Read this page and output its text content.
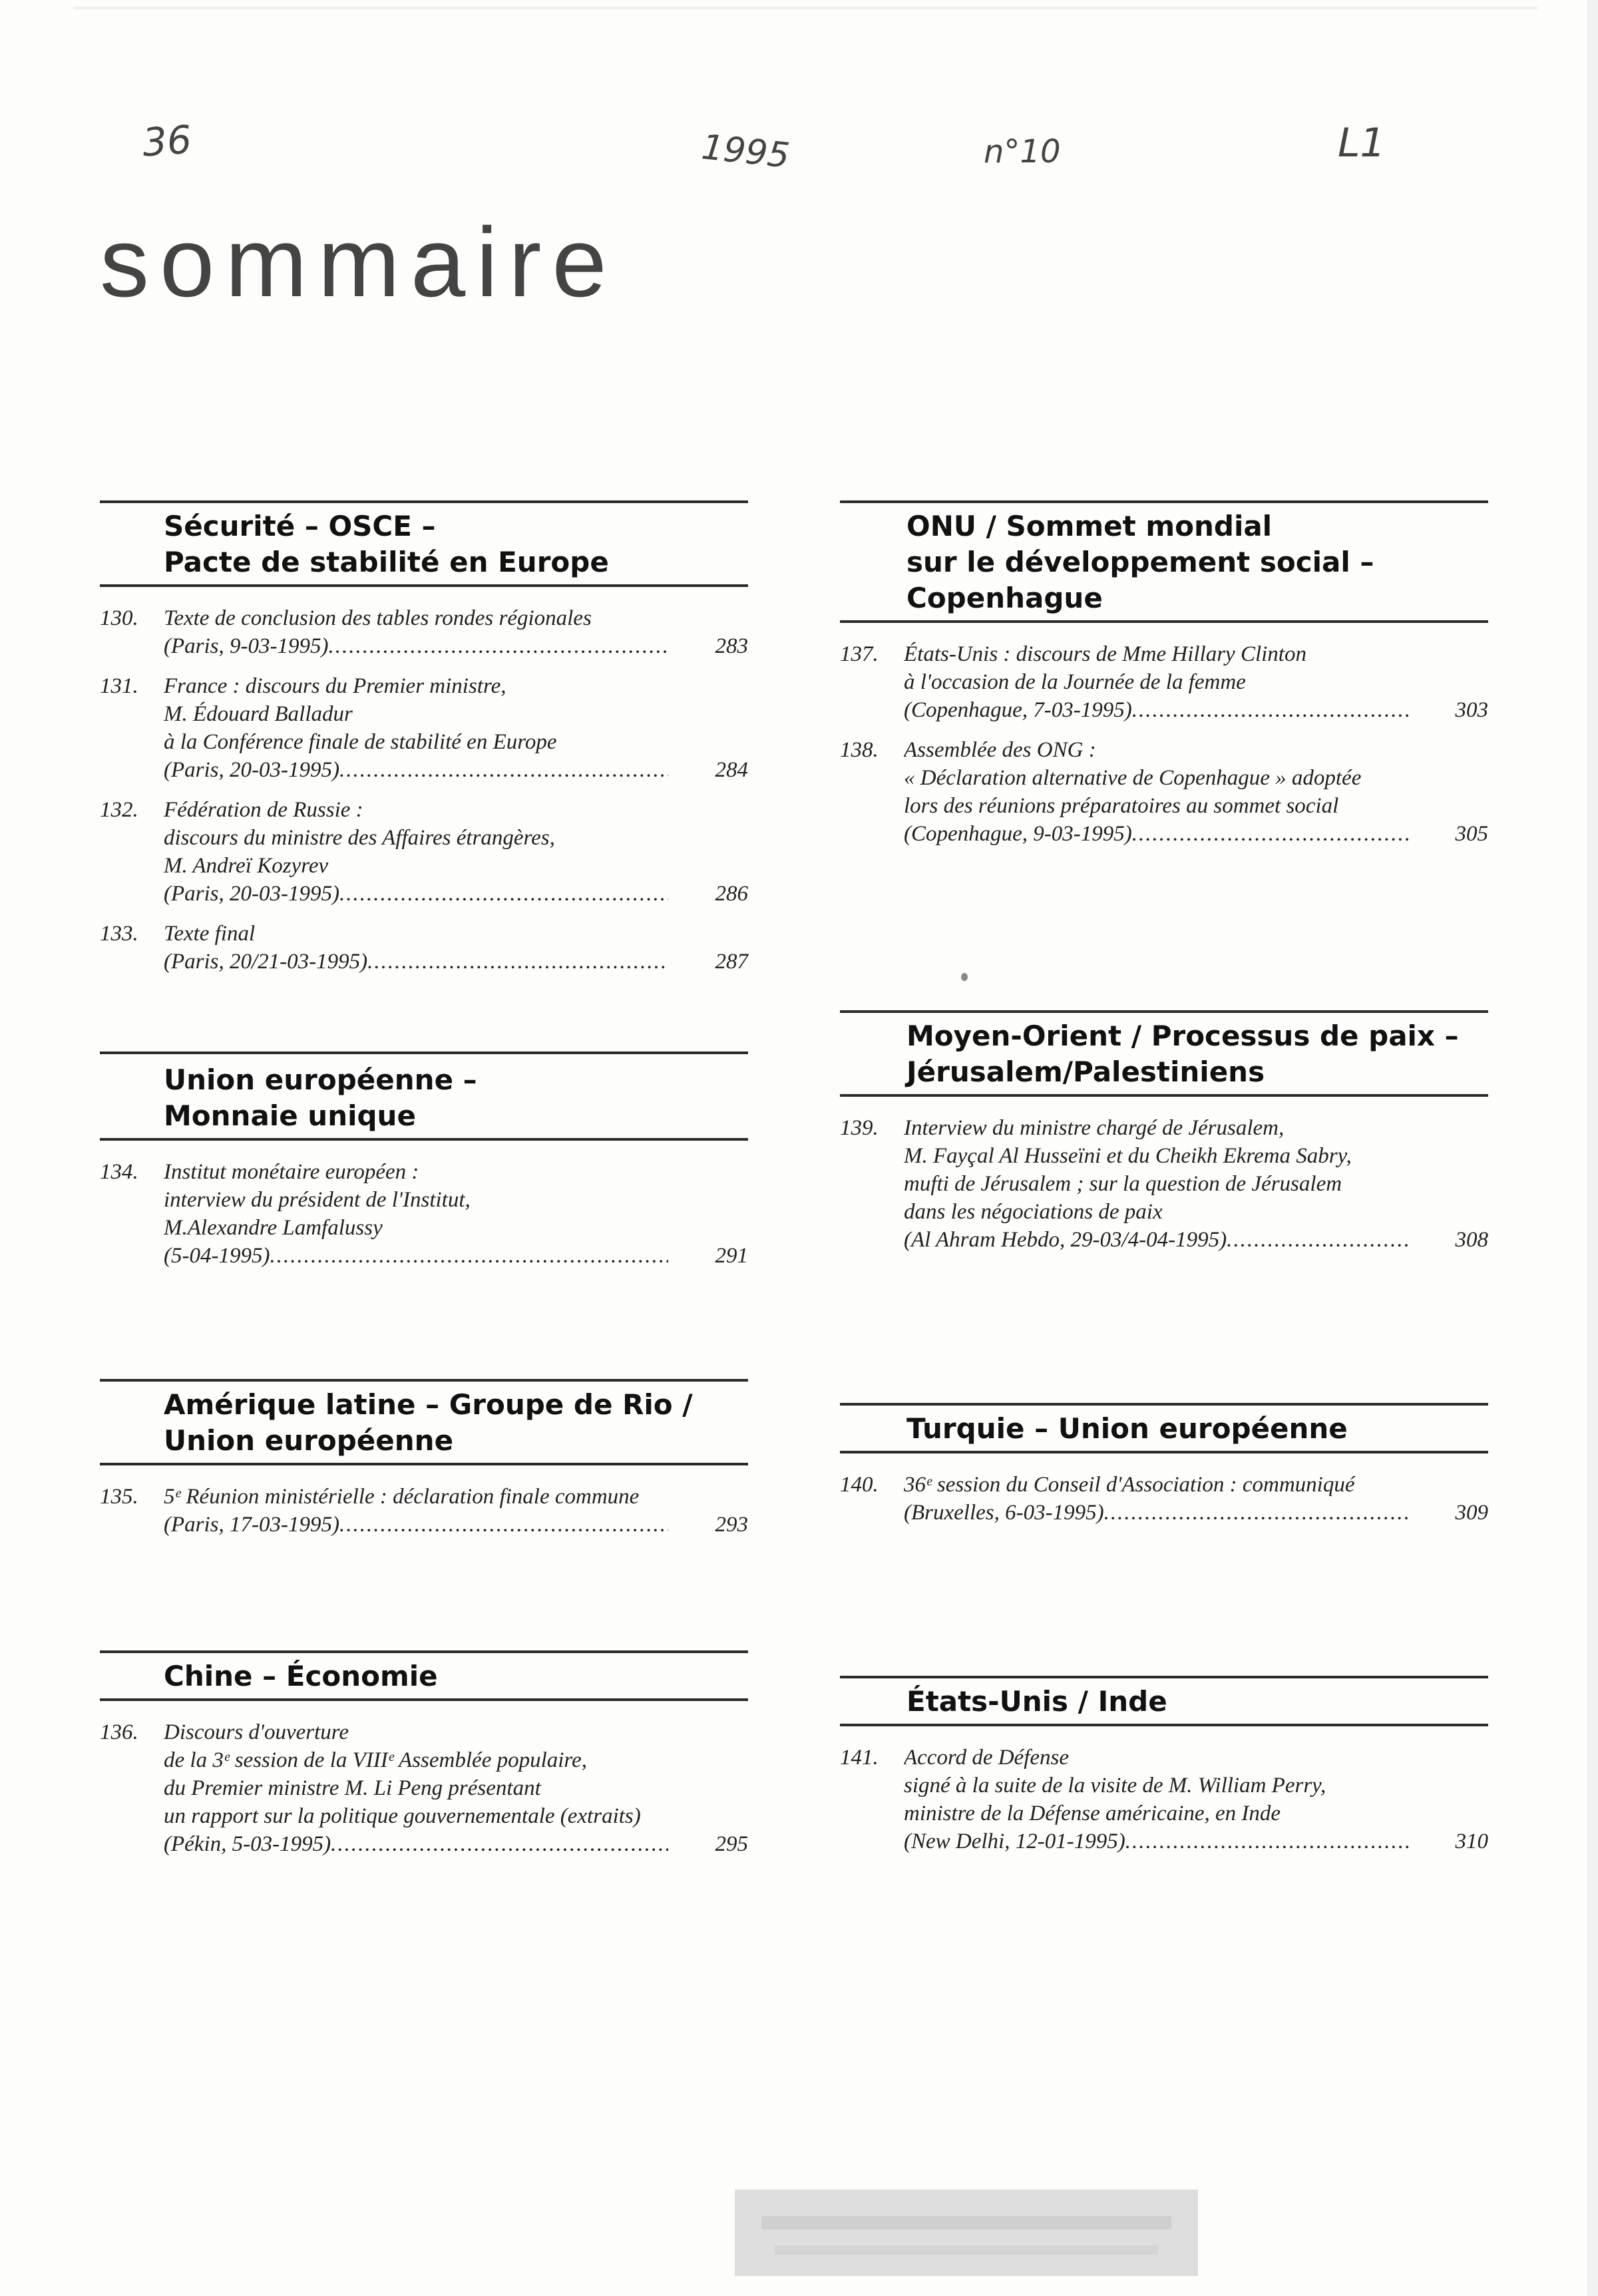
36	1995	n°10	L1
sommaire
Sécurité – OSCE –
Pacte de stabilité en Europe
130. Texte de conclusion des tables rondes régionales
(Paris, 9-03-1995) .....	283
131. France : discours du Premier ministre,
M. Édouard Balladur
à la Conférence finale de stabilité en Europe
(Paris, 20-03-1995) .....	284
132. Fédération de Russie :
discours du ministre des Affaires étrangères,
M. Andreï Kozyrev
(Paris, 20-03-1995) .....	286
133. Texte final
(Paris, 20/21-03-1995) .....	287
Union européenne –
Monnaie unique
134. Institut monétaire européen :
interview du président de l'Institut,
M.Alexandre Lamfalussy
(5-04-1995) .....	291
Amérique latine – Groupe de Rio /
Union européenne
135. 5ᵉ Réunion ministérielle : déclaration finale commune
(Paris, 17-03-1995) .....	293
Chine – Économie
136. Discours d'ouverture
de la 3ᵉ session de la VIIIᵉ Assemblée populaire,
du Premier ministre M. Li Peng présentant
un rapport sur la politique gouvernementale (extraits)
(Pékin, 5-03-1995) .....	295
ONU / Sommet mondial
sur le développement social –
Copenhague
137. États-Unis : discours de Mme Hillary Clinton
à l'occasion de la Journée de la femme
(Copenhague, 7-03-1995) .....	303
138. Assemblée des ONG :
« Déclaration alternative de Copenhague » adoptée
lors des réunions préparatoires au sommet social
(Copenhague, 9-03-1995) .....	305
Moyen-Orient / Processus de paix –
Jérusalem/Palestiniens
139. Interview du ministre chargé de Jérusalem,
M. Fayçal Al Husseïni et du Cheikh Ekrema Sabry,
mufti de Jérusalem ; sur la question de Jérusalem
dans les négociations de paix
(Al Ahram Hebdo, 29-03/4-04-1995) .....	308
Turquie – Union européenne
140. 36ᵉ session du Conseil d'Association : communiqué
(Bruxelles, 6-03-1995) .....	309
États-Unis / Inde
141. Accord de Défense
signé à la suite de la visite de M. William Perry,
ministre de la Défense américaine, en Inde
(New Delhi, 12-01-1995) .....	310
